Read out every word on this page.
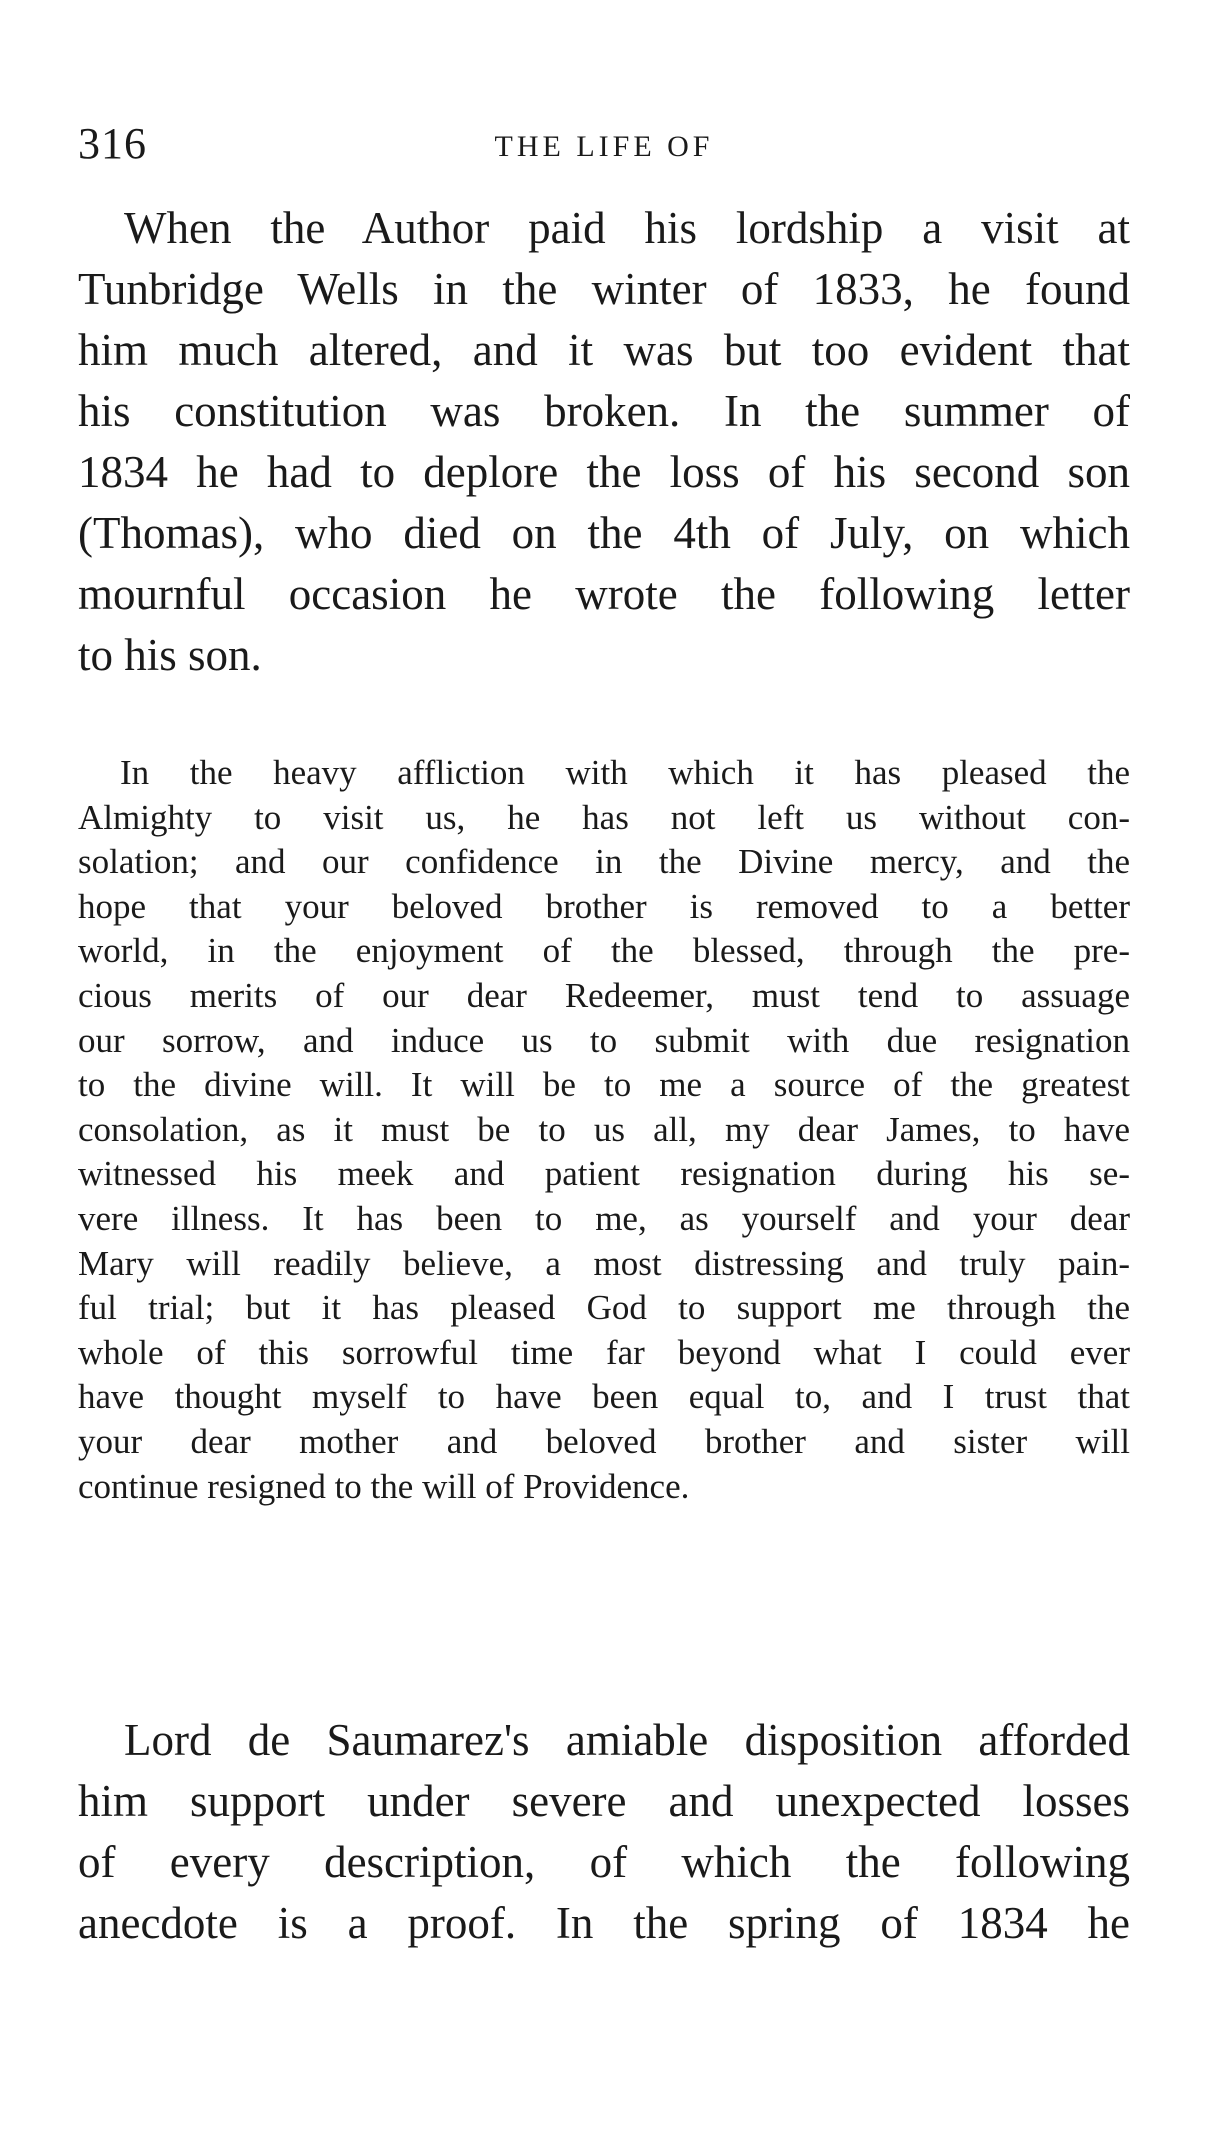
316	THE LIFE OF
When the Author paid his lordship a visit at
Tunbridge Wells in the winter of 1833, he found
him much altered, and it was but too evident that
his constitution was broken. In the summer of
1834 he had to deplore the loss of his second son
(Thomas), who died on the 4th of July, on which
mournful occasion he wrote the following letter
to his son.
In the heavy affliction with which it has pleased the
Almighty to visit us, he has not left us without con-
solation; and our confidence in the Divine mercy, and the
hope that your beloved brother is removed to a better
world, in the enjoyment of the blessed, through the pre-
cious merits of our dear Redeemer, must tend to assuage
our sorrow, and induce us to submit with due resignation
to the divine will. It will be to me a source of the greatest
consolation, as it must be to us all, my dear James, to have
witnessed his meek and patient resignation during his se-
vere illness. It has been to me, as yourself and your dear
Mary will readily believe, a most distressing and truly pain-
ful trial; but it has pleased God to support me through the
whole of this sorrowful time far beyond what I could ever
have thought myself to have been equal to, and I trust that
your dear mother and beloved brother and sister will
continue resigned to the will of Providence.
Lord de Saumarez's amiable disposition afforded
him support under severe and unexpected losses
of every description, of which the following
anecdote is a proof. In the spring of 1834 he
